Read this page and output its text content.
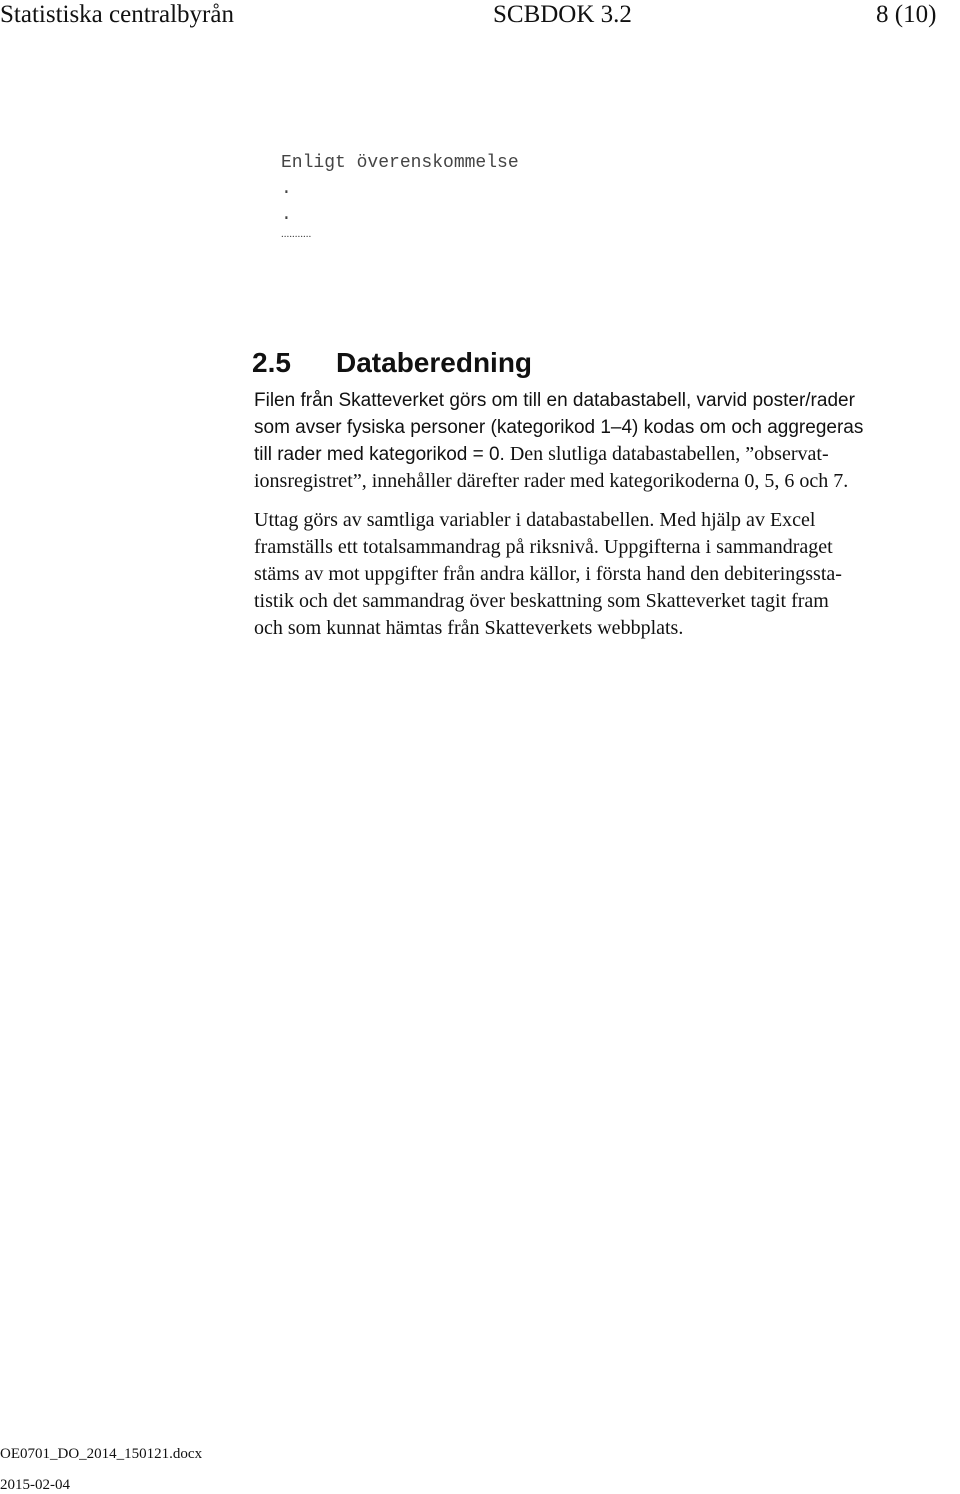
Statistiska centralbyrån	SCBDOK 3.2	8 (10)
Enligt överenskommelse
.
.
...........
2.5 Databeredning
Filen från Skatteverket görs om till en databastabell, varvid poster/rader
som avser fysiska personer (kategorikod 1–4) kodas om och aggregeras
till rader med kategorikod = 0. Den slutliga databastabellen, ”observat-
ionsregistret”, innehåller därefter rader med kategorikoderna 0, 5, 6 och 7.
Uttag görs av samtliga variabler i databastabellen. Med hjälp av Excel
framställs ett totalsammandrag på riksnivå. Uppgifterna i sammandraget
stäms av mot uppgifter från andra källor, i första hand den debiteringssta-
tistik och det sammandrag över beskattning som Skatteverket tagit fram
och som kunnat hämtas från Skatteverkets webbplats.
OE0701_DO_2014_150121.docx
2015-02-04
